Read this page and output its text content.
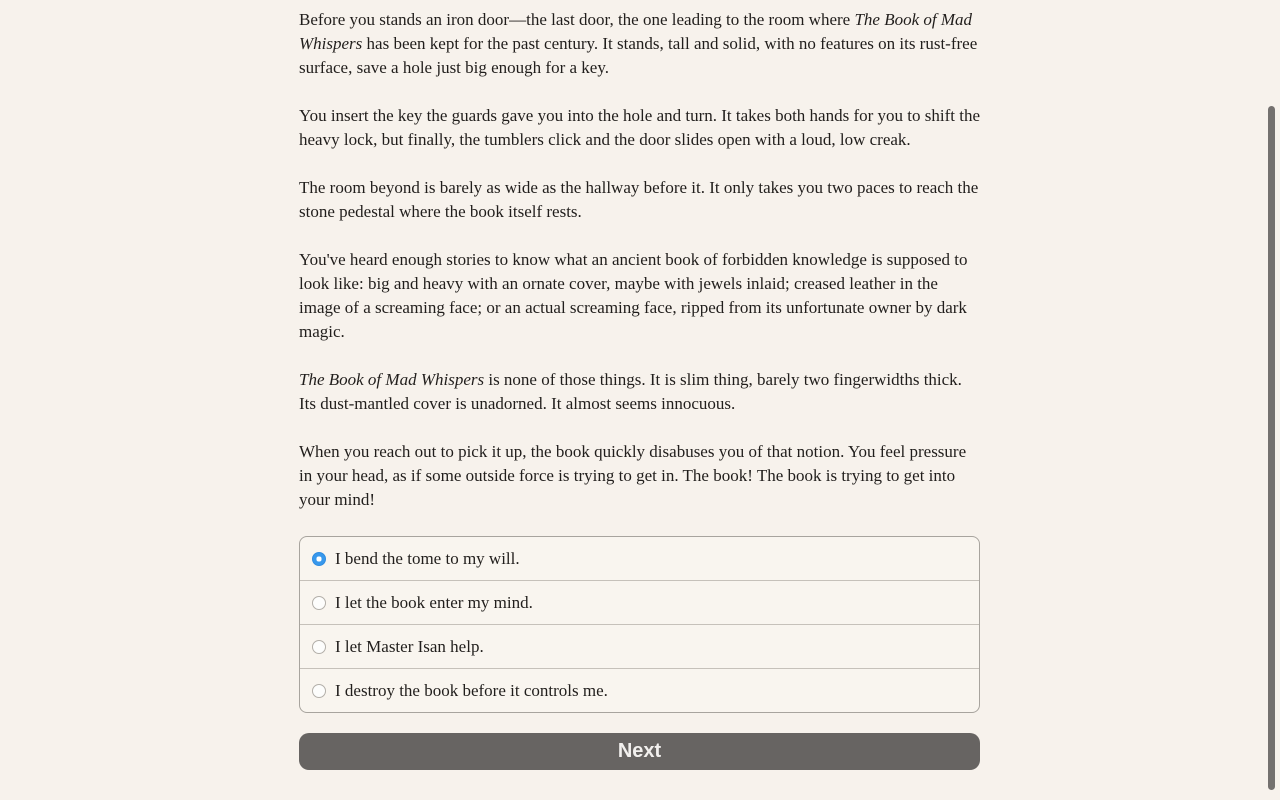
Before you stands an iron door—the last door, the one leading to the room where The Book of Mad Whispers has been kept for the past century. It stands, tall and solid, with no features on its rust-free surface, save a hole just big enough for a key.

You insert the key the guards gave you into the hole and turn. It takes both hands for you to shift the heavy lock, but finally, the tumblers click and the door slides open with a loud, low creak.

The room beyond is barely as wide as the hallway before it. It only takes you two paces to reach the stone pedestal where the book itself rests.

You've heard enough stories to know what an ancient book of forbidden knowledge is supposed to look like: big and heavy with an ornate cover, maybe with jewels inlaid; creased leather in the image of a screaming face; or an actual screaming face, ripped from its unfortunate owner by dark magic.

The Book of Mad Whispers is none of those things. It is slim thing, barely two fingerwidths thick. Its dust-mantled cover is unadorned. It almost seems innocuous.

When you reach out to pick it up, the book quickly disabuses you of that notion. You feel pressure in your head, as if some outside force is trying to get in. The book! The book is trying to get into your mind!

I bend the tome to my will.
I let the book enter my mind.
I let Master Isan help.
I destroy the book before it controls me.
Next
